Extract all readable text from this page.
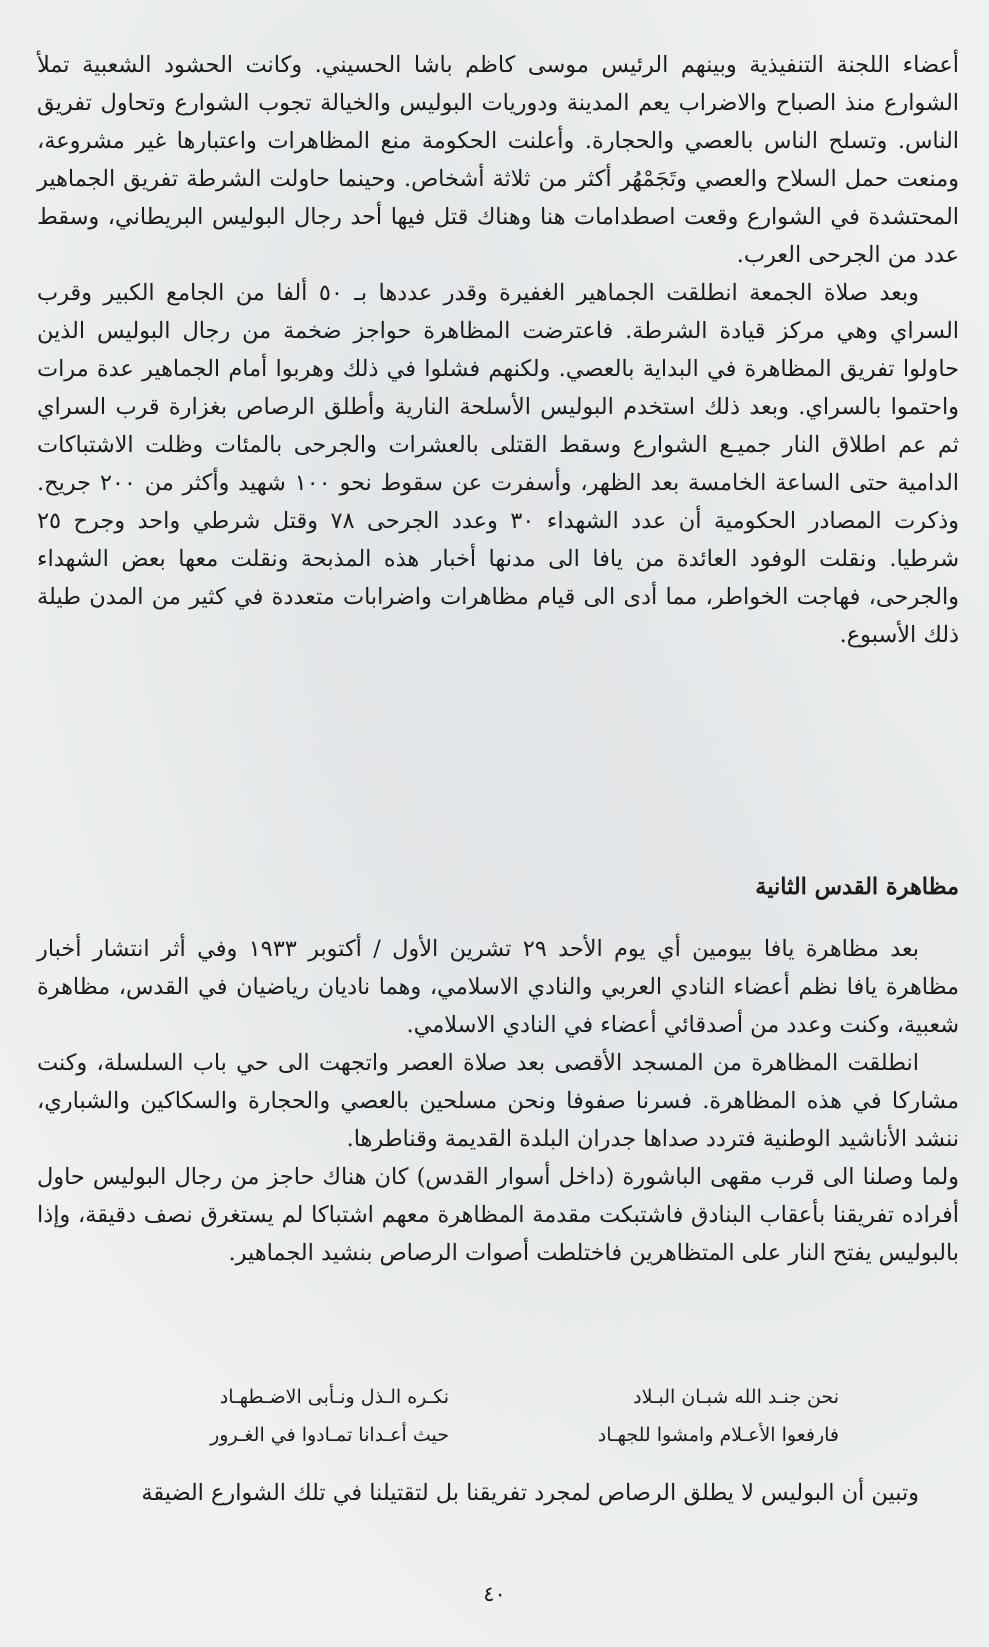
أعضاء اللجنة التنفيذية وبينهم الرئيس موسى كاظم باشا الحسيني. وكانت الحشود الشعبية تملأ الشوارع منذ الصباح والاضراب يعم المدينة ودوريات البوليس والخيالة تجوب الشوارع وتحاول تفريق الناس. وتسلح الناس بالعصي والحجارة. وأعلنت الحكومة منع المظاهرات واعتبارها غير مشروعة، ومنعت حمل السلاح والعصي وتَجَمْهُر أكثر من ثلاثة أشخاص. وحينما حاولت الشرطة تفريق الجماهير المحتشدة في الشوارع وقعت اصطدامات هنا وهناك قتل فيها أحد رجال البوليس البريطاني، وسقط عدد من الجرحى العرب.

وبعد صلاة الجمعة انطلقت الجماهير الغفيرة وقدر عددها بـ ٥٠ ألفا من الجامع الكبير وقرب السراي وهي مركز قيادة الشرطة. فاعترضت المظاهرة حواجز ضخمة من رجال البوليس الذين حاولوا تفريق المظاهرة في البداية بالعصي. ولكنهم فشلوا في ذلك وهربوا أمام الجماهير عدة مرات واحتموا بالسراي. وبعد ذلك استخدم البوليس الأسلحة النارية وأطلق الرصاص بغزارة قرب السراي ثم عم اطلاق النار جميـع الشوارع وسقط القتلى بالعشرات والجرحى بالمئات وظلت الاشتباكات الدامية حتى الساعة الخامسة بعد الظهر، وأسفرت عن سقوط نحو ١٠٠ شهيد وأكثر من ٢٠٠ جريح. وذكرت المصادر الحكومية أن عدد الشهداء ٣٠ وعدد الجرحى ٧٨ وقتل شرطي واحد وجرح ٢٥ شرطيا. ونقلت الوفود العائدة من يافا الى مدنها أخبار هذه المذبحة ونقلت معها بعض الشهداء والجرحى، فهاجت الخواطر، مما أدى الى قيام مظاهرات واضرابات متعددة في كثير من المدن طيلة ذلك الأسبوع.

مظاهرة القدس الثانية

بعد مظاهرة يافا بيومين أي يوم الأحد ٢٩ تشرين الأول / أكتوبر ١٩٣٣ وفي أثر انتشار أخبار مظاهرة يافا نظم أعضاء النادي العربي والنادي الاسلامي، وهما ناديان رياضيان في القدس، مظاهرة شعبية، وكنت وعدد من أصدقائي أعضاء في النادي الاسلامي.

انطلقت المظاهرة من المسجد الأقصى بعد صلاة العصر واتجهت الى حي باب السلسلة، وكنت مشاركا في هذه المظاهرة. فسرنا صفوفا ونحن مسلحين بالعصي والحجارة والسكاكين والشباري، ننشد الأناشيد الوطنية فتردد صداها جدران البلدة القديمة وقناطرها.

ولما وصلنا الى قرب مقهى الباشورة (داخل أسوار القدس) كان هناك حاجز من رجال البوليس حاول أفراده تفريقنا بأعقاب البنادق فاشتبكت مقدمة المظاهرة معهم اشتباكا لم يستغرق نصف دقيقة، وإذا بالبوليس يفتح النار على المتظاهرين فاختلطت أصوات الرصاص بنشيد الجماهير.

نحن جنـد الله شبـان البـلاد
نكـره الـذل ونـأبى الاضـطهـاد
فارفعوا الأعـلام وامشوا للجهـاد
حيث أعـدانا تمـادوا في الغـرور

وتبين أن البوليس لا يطلق الرصاص لمجرد تفريقنا بل لتقتيلنا في تلك الشوارع الضيقة

٤٠
